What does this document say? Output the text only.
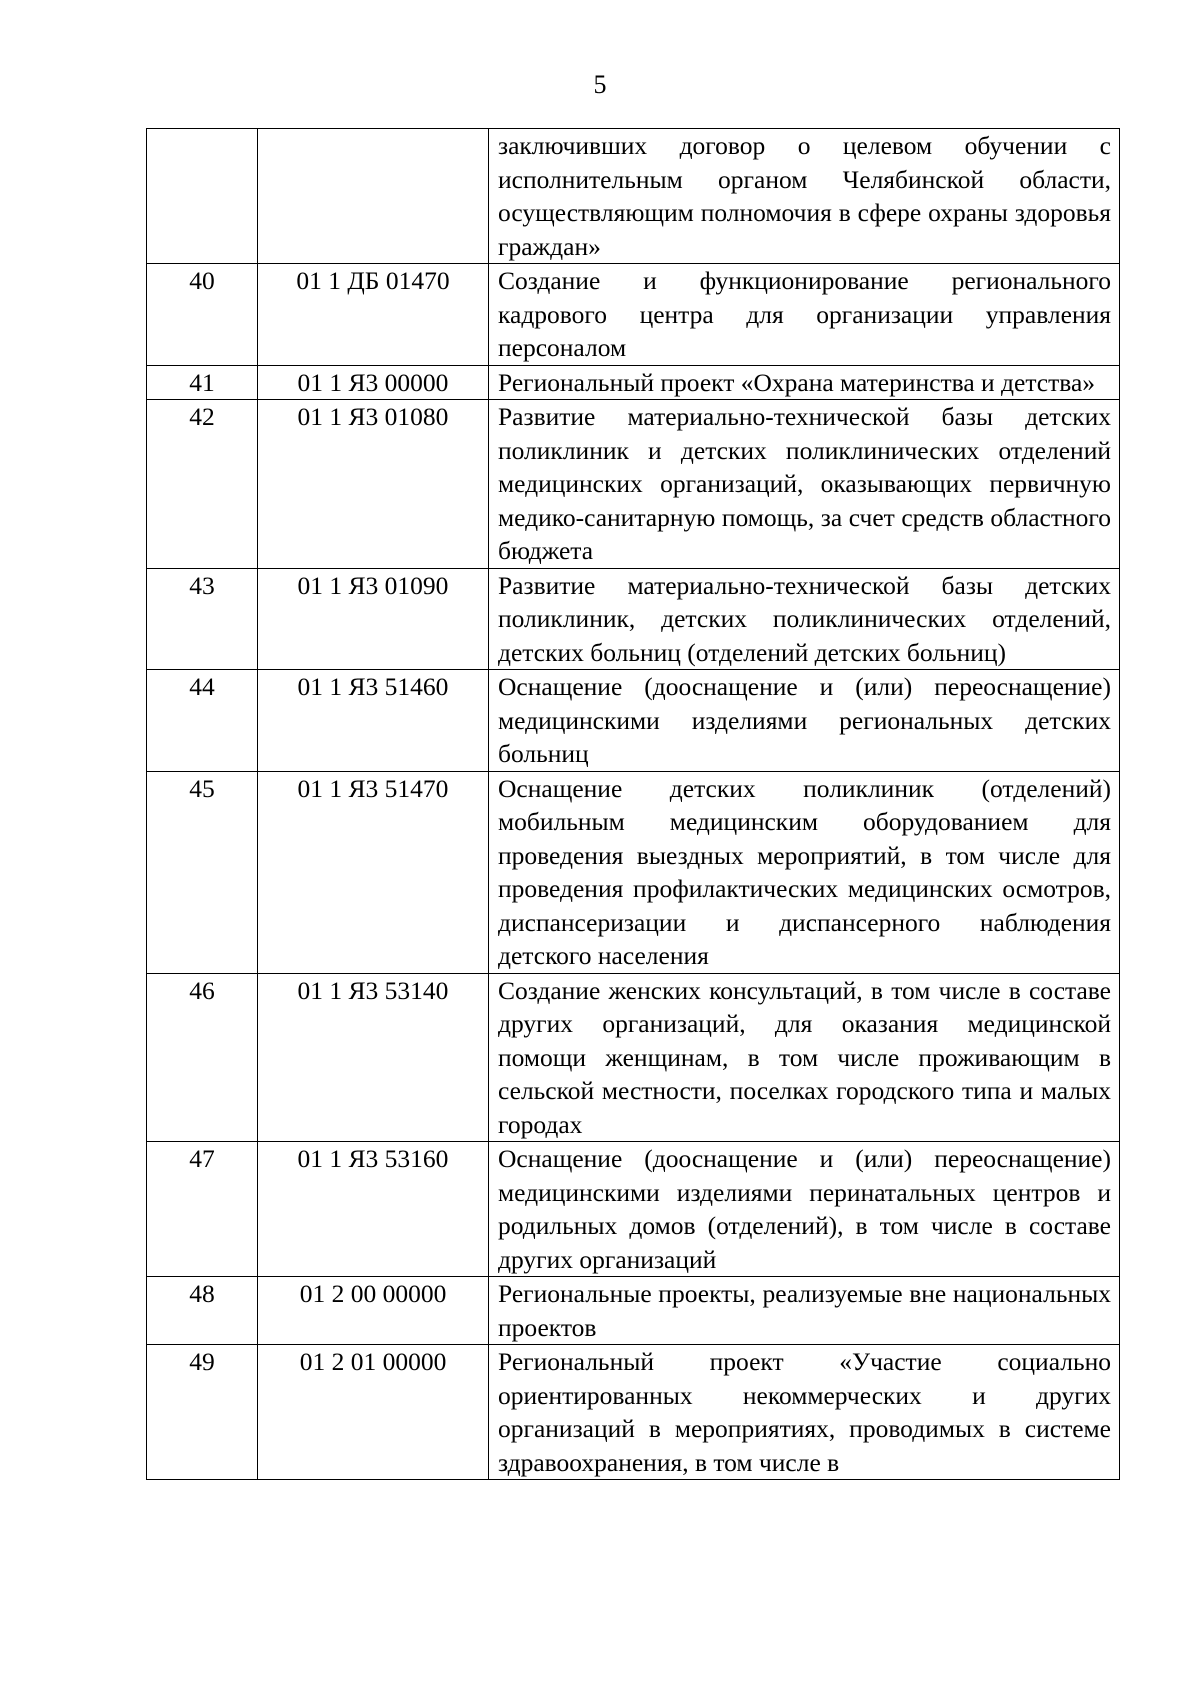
5
		заключивших договор о целевом обучении с исполнительным органом Челябинской области, осуществляющим полномочия в сфере охраны здоровья граждан»
40	01 1 ДБ 01470	Создание и функционирование регионального кадрового центра для организации управления персоналом
41	01 1 Я3 00000	Региональный проект «Охрана материнства и детства»
42	01 1 Я3 01080	Развитие материально-технической базы детских поликлиник и детских поликлинических отделений медицинских организаций, оказывающих первичную медико-санитарную помощь, за счет средств областного бюджета
43	01 1 Я3 01090	Развитие материально-технической базы детских поликлиник, детских поликлинических отделений, детских больниц (отделений детских больниц)
44	01 1 Я3 51460	Оснащение (дооснащение и (или) переоснащение) медицинскими изделиями региональных детских больниц
45	01 1 Я3 51470	Оснащение детских поликлиник (отделений) мобильным медицинским оборудованием для проведения выездных мероприятий, в том числе для проведения профилактических медицинских осмотров, диспансеризации и диспансерного наблюдения детского населения
46	01 1 Я3 53140	Создание женских консультаций, в том числе в составе других организаций, для оказания медицинской помощи женщинам, в том числе проживающим в сельской местности, поселках городского типа и малых городах
47	01 1 Я3 53160	Оснащение (дооснащение и (или) переоснащение) медицинскими изделиями перинатальных центров и родильных домов (отделений), в том числе в составе других организаций
48	01 2 00 00000	Региональные проекты, реализуемые вне национальных проектов
49	01 2 01 00000	Региональный проект «Участие социально ориентированных некоммерческих и других организаций в мероприятиях, проводимых в системе здравоохранения, в том числе в
